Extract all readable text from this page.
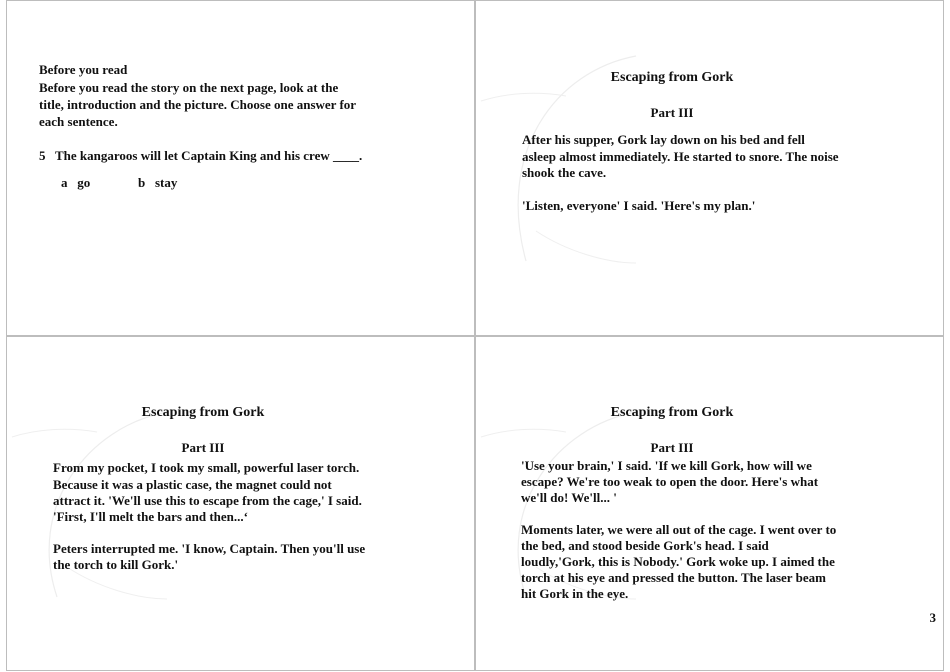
Before you read
Before you read the story on the next page, look at the
title, introduction and the picture. Choose one answer for
each sentence.
5   The kangaroos will let Captain King and his crew ____.
a go	b stay
Escaping from Gork
Part III
After his supper, Gork lay down on his bed and fell
asleep almost immediately. He started to snore. The noise
shook the cave.
'Listen, everyone' I said. 'Here's my plan.'
Escaping from Gork
Part III
From my pocket, I took my small, powerful laser torch.
Because it was a plastic case, the magnet could not
attract it. 'We'll use this to escape from the cage,' I said.
'First, I'll melt the bars and then...‘
Peters interrupted me. 'I know, Captain. Then you'll use
the torch to kill Gork.'
Escaping from Gork
Part III
'Use your brain,' I said. 'If we kill Gork, how will we
escape? We're too weak to open the door. Here's what
we'll do! We'll... '
Moments later, we were all out of the cage. I went over to
the bed, and stood beside Gork's head. I said
loudly,'Gork, this is Nobody.' Gork woke up. I aimed the
torch at his eye and pressed the button. The laser beam
hit Gork in the eye.
3
